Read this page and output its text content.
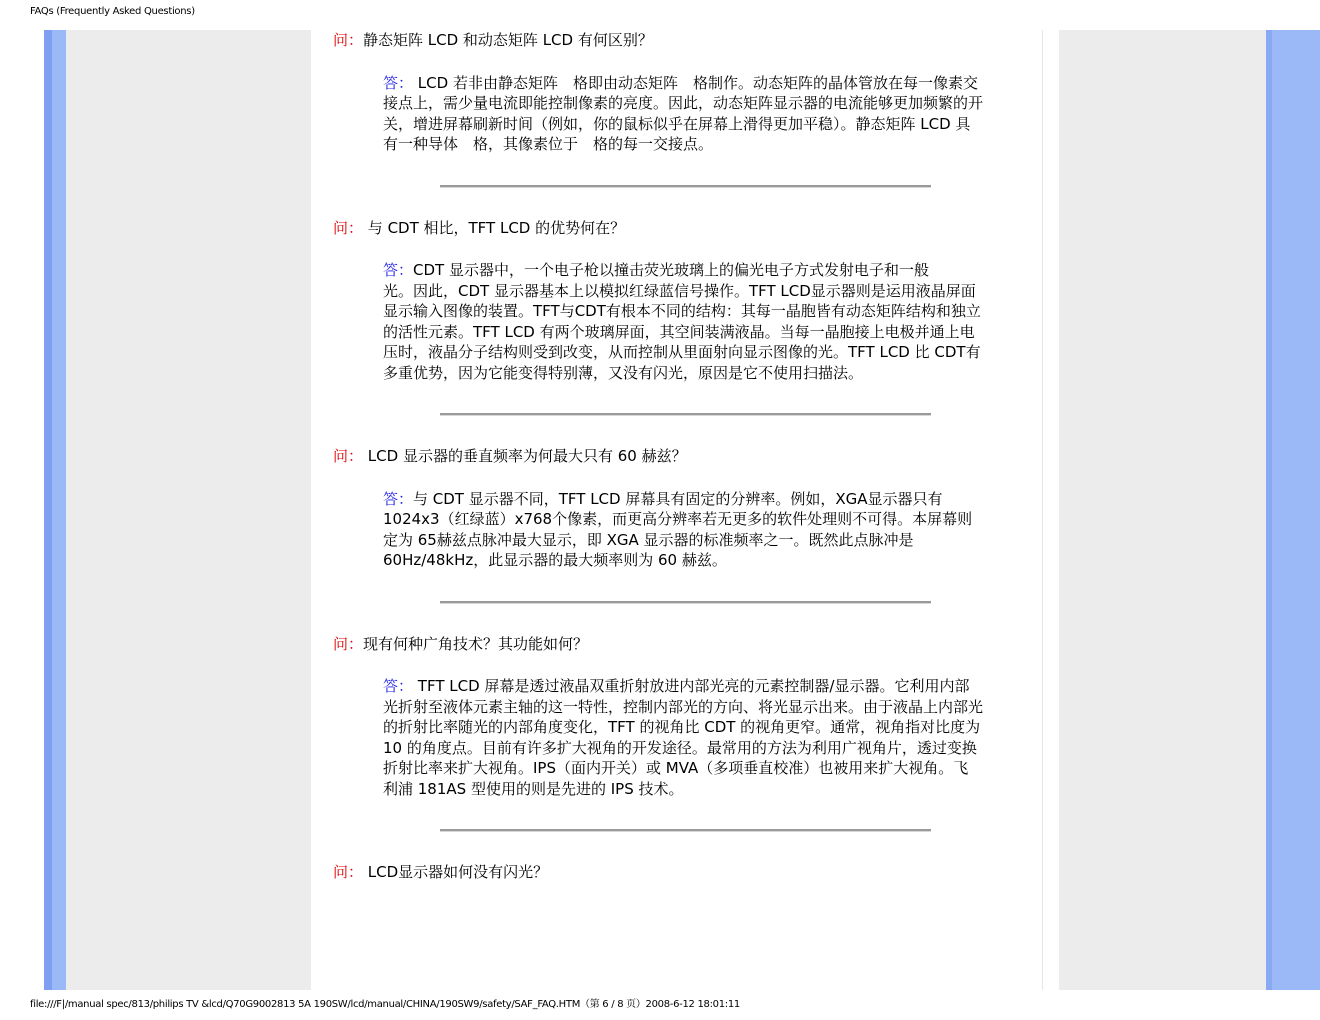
FAQs (Frequently Asked Questions)

问：静态矩阵 LCD 和动态矩阵 LCD 有何区别？

答： LCD 若非由静态矩阵　格即由动态矩阵　格制作。动态矩阵的晶体管放在每一像素交接点上，需少量电流即能控制像素的亮度。因此，动态矩阵显示器的电流能够更加频繁的开关，增进屏幕刷新时间（例如，你的鼠标似乎在屏幕上滑得更加平稳）。静态矩阵 LCD 具有一种导体　格，其像素位于　格的每一交接点。

问： 与 CDT 相比，TFT LCD 的优势何在？

答：CDT 显示器中，一个电子枪以撞击荧光玻璃上的偏光电子方式发射电子和一般
光。因此，CDT 显示器基本上以模拟红绿蓝信号操作。TFT LCD显示器则是运用液晶屏面显示输入图像的装置。TFT与CDT有根本不同的结构：其每一晶胞皆有动态矩阵结构和独立的活性元素。TFT LCD 有两个玻璃屏面，其空间装满液晶。当每一晶胞接上电极并通上电压时，液晶分子结构则受到改变，从而控制从里面射向显示图像的光。TFT LCD 比 CDT有多重优势，因为它能变得特别薄，又没有闪光，原因是它不使用扫描法。

问： LCD 显示器的垂直频率为何最大只有 60 赫兹？

答：与 CDT 显示器不同，TFT LCD 屏幕具有固定的分辨率。例如，XGA显示器只有1024x3（红绿蓝）x768个像素，而更高分辨率若无更多的软件处理则不可得。本屏幕则定为 65赫兹点脉冲最大显示，即 XGA 显示器的标准频率之一。既然此点脉冲是 60Hz/48kHz，此显示器的最大频率则为 60 赫兹。

问：现有何种广角技术？其功能如何？

答： TFT LCD 屏幕是透过液晶双重折射放进内部光亮的元素控制器/显示器。它利用内部光折射至液体元素主轴的这一特性，控制内部光的方向、将光显示出来。由于液晶上内部光的折射比率随光的内部角度变化，TFT 的视角比 CDT 的视角更窄。通常，视角指对比度为 10 的角度点。目前有许多扩大视角的开发途径。最常用的方法为利用广视角片，透过变换折射比率来扩大视角。IPS（面内开关）或 MVA（多项垂直校准）也被用来扩大视角。飞利浦 181AS 型使用的则是先进的 IPS 技术。

问： LCD显示器如何没有闪光？

file:///F|/manual spec/813/philips TV &lcd/Q70G9002813 5A 190SW/lcd/manual/CHINA/190SW9/safety/SAF_FAQ.HTM（第 6 / 8 页）2008-6-12 18:01:11
